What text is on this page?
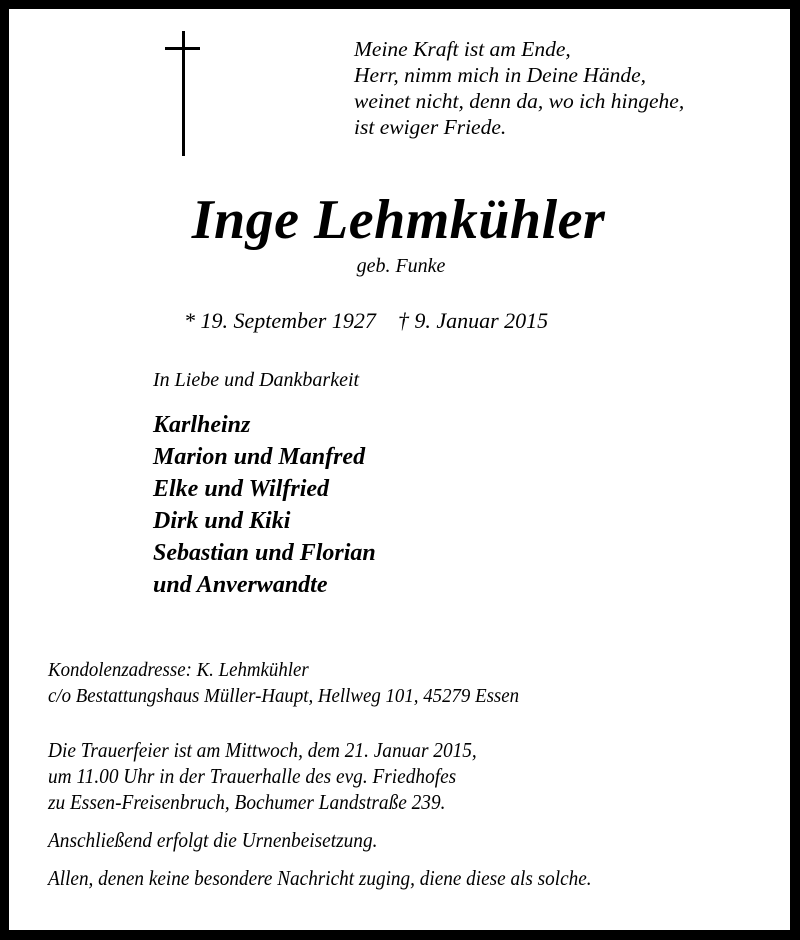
Meine Kraft ist am Ende,
Herr, nimm mich in Deine Hände,
weinet nicht, denn da, wo ich hingehe,
ist ewiger Friede.
Inge Lehmkühler
geb. Funke
* 19. September 1927 † 9. Januar 2015
In Liebe und Dankbarkeit
Karlheinz
Marion und Manfred
Elke und Wilfried
Dirk und Kiki
Sebastian und Florian
und Anverwandte
Kondolenzadresse: K. Lehmkühler
c/o Bestattungshaus Müller-Haupt, Hellweg 101, 45279 Essen
Die Trauerfeier ist am Mittwoch, dem 21. Januar 2015,
um 11.00 Uhr in der Trauerhalle des evg. Friedhofes
zu Essen-Freisenbruch, Bochumer Landstraße 239.
Anschließend erfolgt die Urnenbeisetzung.
Allen, denen keine besondere Nachricht zuging, diene diese als solche.
